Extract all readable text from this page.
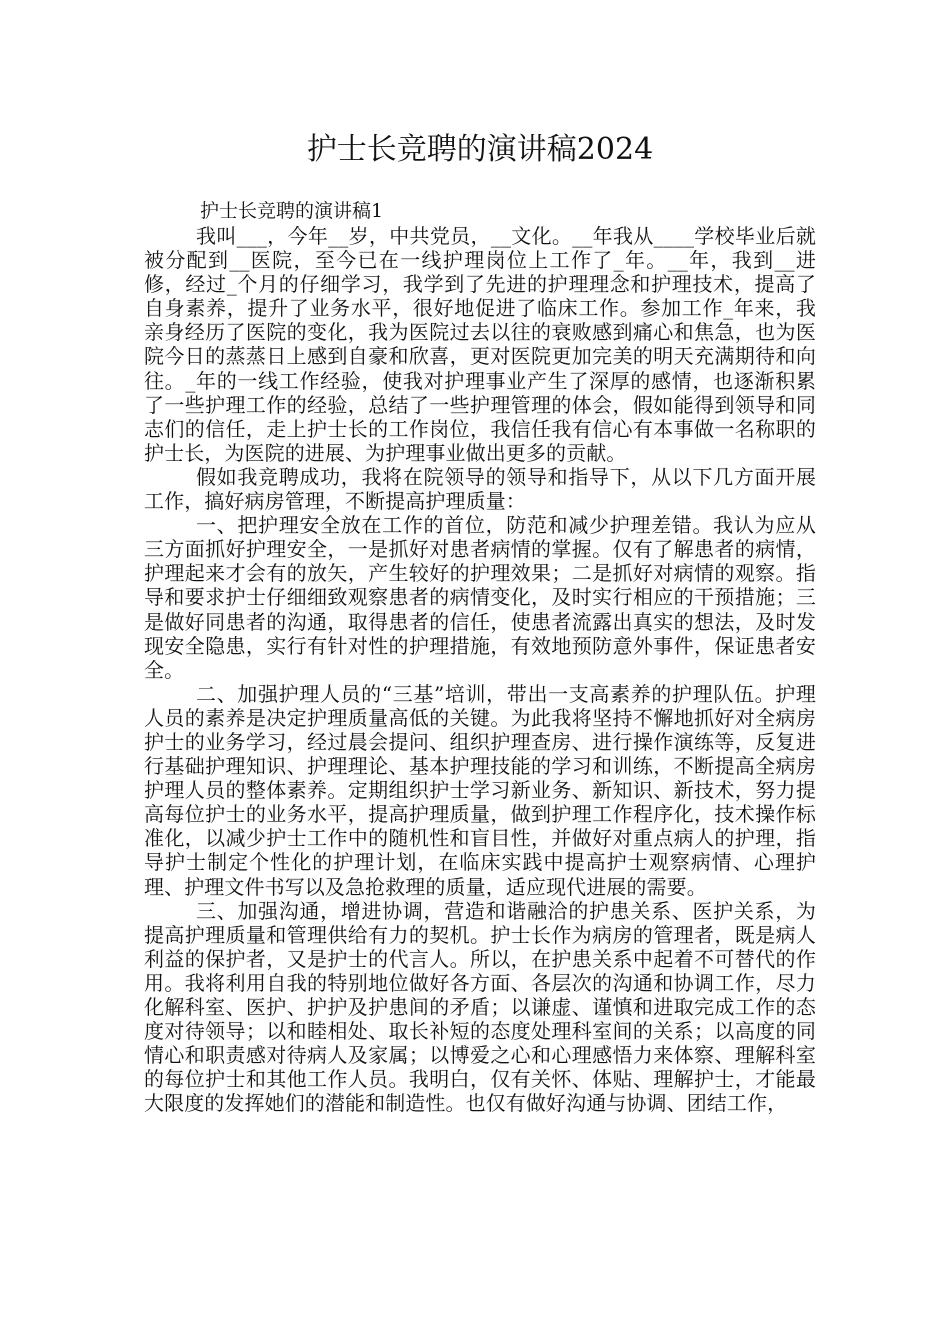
护士长竞聘的演讲稿2024

护士长竞聘的演讲稿1

我叫___，今年__岁，中共党员，__文化。__年我从____学校毕业后就被分配到__医院，至今已在一线护理岗位上工作了_年。__年，我到__进修，经过_个月的仔细学习，我学到了先进的护理理念和护理技术，提高了自身素养，提升了业务水平，很好地促进了临床工作。参加工作_年来，我亲身经历了医院的变化，我为医院过去以往的衰败感到痛心和焦急，也为医院今日的蒸蒸日上感到自豪和欣喜，更对医院更加完美的明天充满期待和向往。_年的一线工作经验，使我对护理事业产生了深厚的感情，也逐渐积累了一些护理工作的经验，总结了一些护理管理的体会，假如能得到领导和同志们的信任，走上护士长的工作岗位，我信任我有信心有本事做一名称职的护士长，为医院的进展、为护理事业做出更多的贡献。

假如我竞聘成功，我将在院领导的领导和指导下，从以下几方面开展工作，搞好病房管理，不断提高护理质量：

一、把护理安全放在工作的首位，防范和减少护理差错。我认为应从三方面抓好护理安全，一是抓好对患者病情的掌握。仅有了解患者的病情，护理起来才会有的放矢，产生较好的护理效果；二是抓好对病情的观察。指导和要求护士仔细细致观察患者的病情变化，及时实行相应的干预措施；三是做好同患者的沟通，取得患者的信任，使患者流露出真实的想法，及时发现安全隐患，实行有针对性的护理措施，有效地预防意外事件，保证患者安全。

二、加强护理人员的“三基”培训，带出一支高素养的护理队伍。护理人员的素养是决定护理质量高低的关键。为此我将坚持不懈地抓好对全病房护士的业务学习，经过晨会提问、组织护理查房、进行操作演练等，反复进行基础护理知识、护理理论、基本护理技能的学习和训练，不断提高全病房护理人员的整体素养。定期组织护士学习新业务、新知识、新技术，努力提高每位护士的业务水平，提高护理质量，做到护理工作程序化，技术操作标准化，以减少护士工作中的随机性和盲目性，并做好对重点病人的护理，指导护士制定个性化的护理计划，在临床实践中提高护士观察病情、心理护理、护理文件书写以及急抢救理的质量，适应现代进展的需要。

三、加强沟通，增进协调，营造和谐融洽的护患关系、医护关系，为提高护理质量和管理供给有力的契机。护士长作为病房的管理者，既是病人利益的保护者，又是护士的代言人。所以，在护患关系中起着不可替代的作用。我将利用自我的特别地位做好各方面、各层次的沟通和协调工作，尽力化解科室、医护、护护及护患间的矛盾；以谦虚、谨慎和进取完成工作的态度对待领导；以和睦相处、取长补短的态度处理科室间的关系；以高度的同情心和职责感对待病人及家属；以博爱之心和心理感悟力来体察、理解科室的每位护士和其他工作人员。我明白，仅有关怀、体贴、理解护士，才能最大限度的发挥她们的潜能和制造性。也仅有做好沟通与协调、团结工作，
